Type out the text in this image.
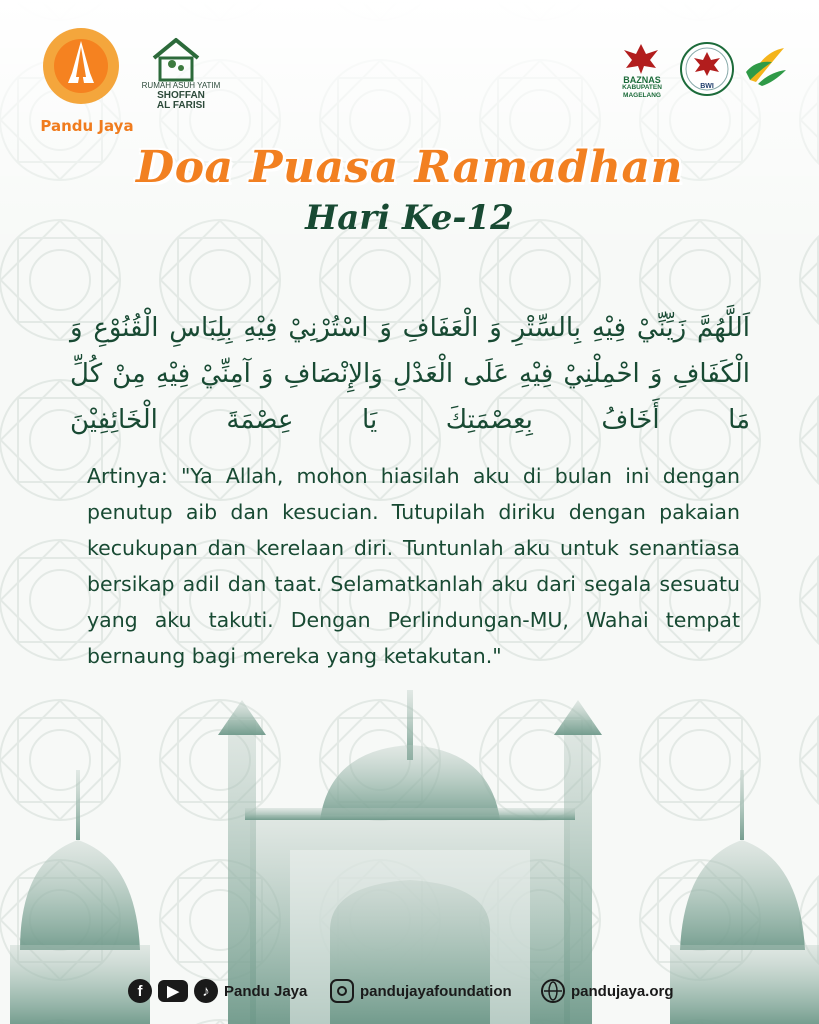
Pandu Jaya
RUMAH ASUH YATIM
SHOFFAN
AL FARISI
BAZNAS
KABUPATEN MAGELANG
BWI
Doa Puasa Ramadhan
Hari Ke-12
اَللَّهُمَّ زَيِّنِّيْ فِيْهِ بِالسِّتْرِ وَ الْعَفَافِ وَ اسْتُرْنِيْ فِيْهِ بِلِبَاسِ الْقُنُوْعِ وَ الْكَفَافِ وَ احْمِلْنِيْ فِيْهِ عَلَى الْعَدْلِ وَالإِنْصَافِ وَ آمِنِّيْ فِيْهِ مِنْ كُلِّ مَا أَخَافُ بِعِصْمَتِكَ يَا عِصْمَةَ الْخَائِفِيْنَ
Artinya: "Ya Allah, mohon hiasilah aku di bulan ini dengan penutup aib dan kesucian. Tutupilah diriku dengan pakaian kecukupan dan kerelaan diri. Tuntunlah aku untuk senantiasa bersikap adil dan taat. Selamatkanlah aku dari segala sesuatu yang aku takuti. Dengan Perlindungan-MU, Wahai tempat bernaung bagi mereka yang ketakutan."
f	▶	♪ Pandu Jaya	pandujayafoundation	pandujaya.org
